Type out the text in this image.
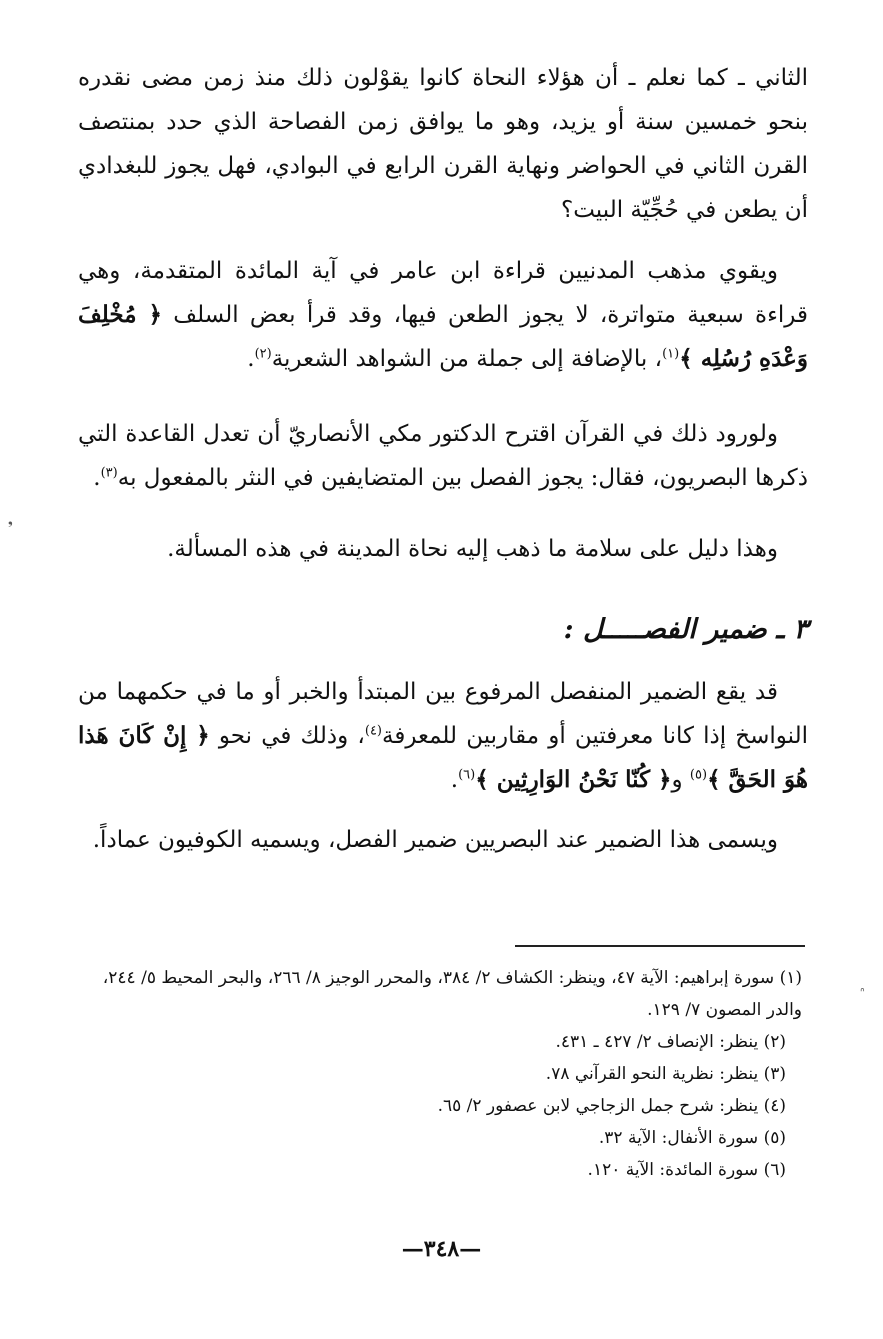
الثاني ـ كما نعلم ـ أن هؤلاء النحاة كانوا يقوْلون ذلك منذ زمن مضى نقدره بنحو خمسين سنة أو يزيد، وهو ما يوافق زمن الفصاحة الذي حدد بمنتصف القرن الثاني في الحواضر ونهاية القرن الرابع في البوادي، فهل يجوز للبغدادي أن يطعن في حُجِّيّة البيت؟

ويقوي مذهب المدنيين قراءة ابن عامر في آية المائدة المتقدمة، وهي قراءة سبعية متواترة، لا يجوز الطعن فيها، وقد قرأ بعض السلف ﴿ مُخْلِفَ وَعْدَهِ رُسُلِه ﴾$^{(١)}$، بالإضافة إلى جملة من الشواهد الشعرية$^{(٢)}$.

ولورود ذلك في القرآن اقترح الدكتور مكي الأنصاريّ أن تعدل القاعدة التي ذكرها البصريون، فقال: يجوز الفصل بين المتضايفين في النثر بالمفعول به$^{(٣)}$.

وهذا دليل على سلامة ما ذهب إليه نحاة المدينة في هذه المسألة.

٣ ـ ضمير الفصـــــل :

قد يقع الضمير المنفصل المرفوع بين المبتدأ والخبر أو ما في حكمهما من النواسخ إذا كانا معرفتين أو مقاربين للمعرفة$^{(٤)}$، وذلك في نحو ﴿ إِنْ كَانَ هَذا هُوَ الحَقَّ ﴾$^{(٥)}$ و﴿ كُنّا نَحْنُ الوَارِثِين ﴾$^{(٦)}$.

ويسمى هذا الضمير عند البصريين ضمير الفصل، ويسميه الكوفيون عماداً.

(١) سورة إبراهيم: الآية ٤٧، وينظر: الكشاف ٢/ ٣٨٤، والمحرر الوجيز ٨/ ٢٦٦، والبحر المحيط ٥/ ٢٤٤، والدر المصون ٧/ ١٢٩.

(٢) ينظر: الإنصاف ٢/ ٤٢٧ ـ ٤٣١.

(٣) ينظر: نظرية النحو القرآني ٧٨.

(٤) ينظر: شرح جمل الزجاجي لابن عصفور ٢/ ٦٥.

(٥) سورة الأنفال: الآية ٣٢.

(٦) سورة المائدة: الآية ١٢٠.

—٣٤٨—
❟
ᐢ
